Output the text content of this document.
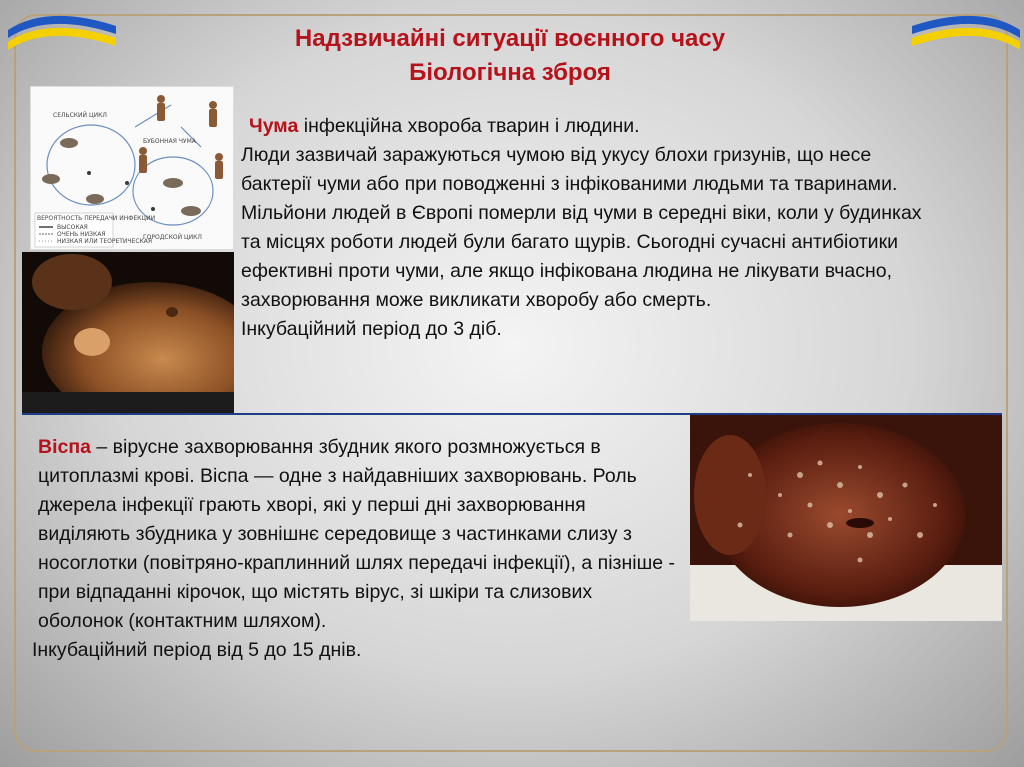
Надзвичайні ситуації воєнного часу
Біологічна зброя
СЕЛЬСКИЙ ЦИКЛ
ГОРОДСКОЙ ЦИКЛ
БУБОННАЯ ЧУМА
ВЕРОЯТНОСТЬ ПЕРЕДАЧИ ИНФЕКЦИИ
ВЫСОКАЯ
ОЧЕНЬ НИЗКАЯ
НИЗКАЯ ИЛИ ТЕОРЕТИЧЕСКАЯ

Чума інфекційна хвороба тварин і людини.

Люди зазвичай заражуються чумою від укусу блохи гризунів, що несе бактерії чуми або при поводженні з інфікованими людьми та тваринами. Мільйони людей в Європі померли від чуми в середні віки, коли у будинках та місцях роботи людей були багато щурів. Сьогодні сучасні антибіотики ефективні проти чуми, але якщо інфікована людина не лікувати вчасно, захворювання може викликати хворобу або смерть.

Інкубаційний період до 3 діб.

Віспа – вірусне захворювання збудник якого розмножується в цитоплазмі крові. Віспа — одне з найдавніших захворювань. Роль джерела інфекції грають хворі, які у перші дні захворювання виділяють збудника у зовнішнє середовище з частинками слизу з носоглотки (повітряно-краплинний шлях передачі інфекції), а пізніше - при відпаданні кірочок, що містять вірус, зі шкіри та слизових оболонок (контактним шляхом).

Інкубаційний період від 5 до 15 днів.
